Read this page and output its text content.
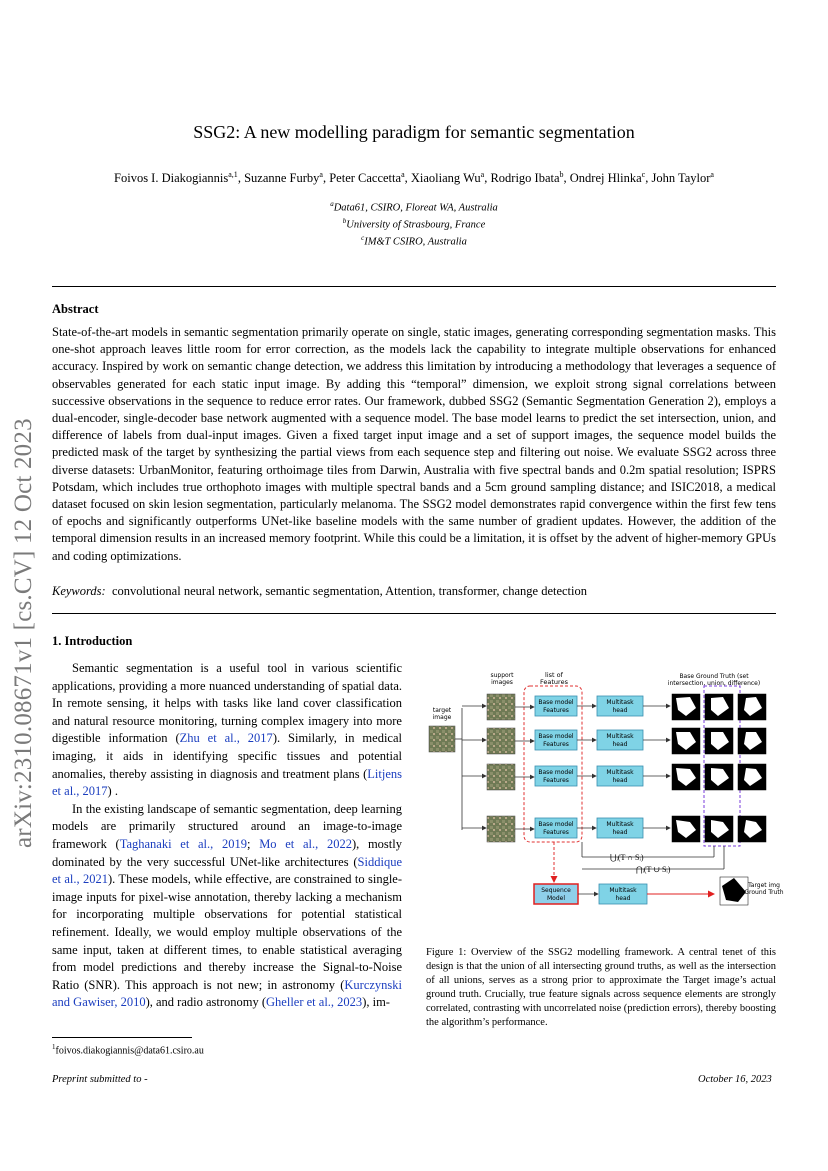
arXiv:2310.08671v1 [cs.CV] 12 Oct 2023
SSG2: A new modelling paradigm for semantic segmentation
Foivos I. Diakogiannis$^{a,1}$, Suzanne Furby$^a$, Peter Caccetta$^a$, Xiaoliang Wu$^a$, Rodrigo Ibata$^b$, Ondrej Hlinka$^c$, John Taylor$^a$
$^a$Data61, CSIRO, Floreat WA, Australia
$^b$University of Strasbourg, France
$^c$IM&T CSIRO, Australia
Abstract
State-of-the-art models in semantic segmentation primarily operate on single, static images, generating corresponding segmentation masks. This one-shot approach leaves little room for error correction, as the models lack the capability to integrate multiple observations for enhanced accuracy. Inspired by work on semantic change detection, we address this limitation by introducing a methodology that leverages a sequence of observables generated for each static input image. By adding this “temporal” dimension, we exploit strong signal correlations between successive observations in the sequence to reduce error rates. Our framework, dubbed SSG2 (Semantic Segmentation Generation 2), employs a dual-encoder, single-decoder base network augmented with a sequence model. The base model learns to predict the set intersection, union, and difference of labels from dual-input images. Given a fixed target input image and a set of support images, the sequence model builds the predicted mask of the target by synthesizing the partial views from each sequence step and filtering out noise. We evaluate SSG2 across three diverse datasets: UrbanMonitor, featuring orthoimage tiles from Darwin, Australia with five spectral bands and 0.2m spatial resolution; ISPRS Potsdam, which includes true orthophoto images with multiple spectral bands and a 5cm ground sampling distance; and ISIC2018, a medical dataset focused on skin lesion segmentation, particularly melanoma. The SSG2 model demonstrates rapid convergence within the first few tens of epochs and significantly outperforms UNet-like baseline models with the same number of gradient updates. However, the addition of the temporal dimension results in an increased memory footprint. While this could be a limitation, it is offset by the advent of higher-memory GPUs and coding optimizations.
Keywords: convolutional neural network, semantic segmentation, Attention, transformer, change detection
1. Introduction

Semantic segmentation is a useful tool in various scientific applications, providing a more nuanced understanding of spatial data. In remote sensing, it helps with tasks like land cover classification and natural resource monitoring, turning complex imagery into more digestible information (Zhu et al., 2017). Similarly, in medical imaging, it aids in identifying specific tissues and potential anomalies, thereby assisting in diagnosis and treatment plans (Litjens et al., 2017) .

In the existing landscape of semantic segmentation, deep learning models are primarily structured around an image-to-image framework (Taghanaki et al., 2019; Mo et al., 2022), mostly dominated by the very successful UNet-like architectures (Siddique et al., 2021). These models, while effective, are constrained to single-image inputs for pixel-wise annotation, thereby lacking a mechanism for incorporating multiple observations for potential statistical refinement. Ideally, we would employ multiple observations of the same input, taken at different times, to enable statistical averaging from model predictions and thereby increase the Signal-to-Noise Ratio (SNR). This approach is not new; in astronomy (Kurczynski and Gawiser, 2010), and radio astronomy (Gheller et al., 2023), im-

support images
list of Features
target image
Base Ground Truth (set intersection, union, difference)
Base model Features
Multitask head
Base model Features
Multitask head
Base model Features
Multitask head
Base model Features
Multitask head
⋃ᵢ(T ∩ Sᵢ)
⋂ᵢ(T ∪ Sᵢ)
Sequence Model
Multitask head
Target img Ground Truth
Figure 1: Overview of the SSG2 modelling framework. A central tenet of this design is that the union of all intersecting ground truths, as well as the intersection of all unions, serves as a strong prior to approximate the Target image’s actual ground truth. Crucially, true feature signals across sequence elements are strongly correlated, contrasting with uncorrelated noise (prediction errors), thereby boosting the algorithm’s performance.
$^1$foivos.diakogiannis@data61.csiro.au
Preprint submitted to -	October 16, 2023
